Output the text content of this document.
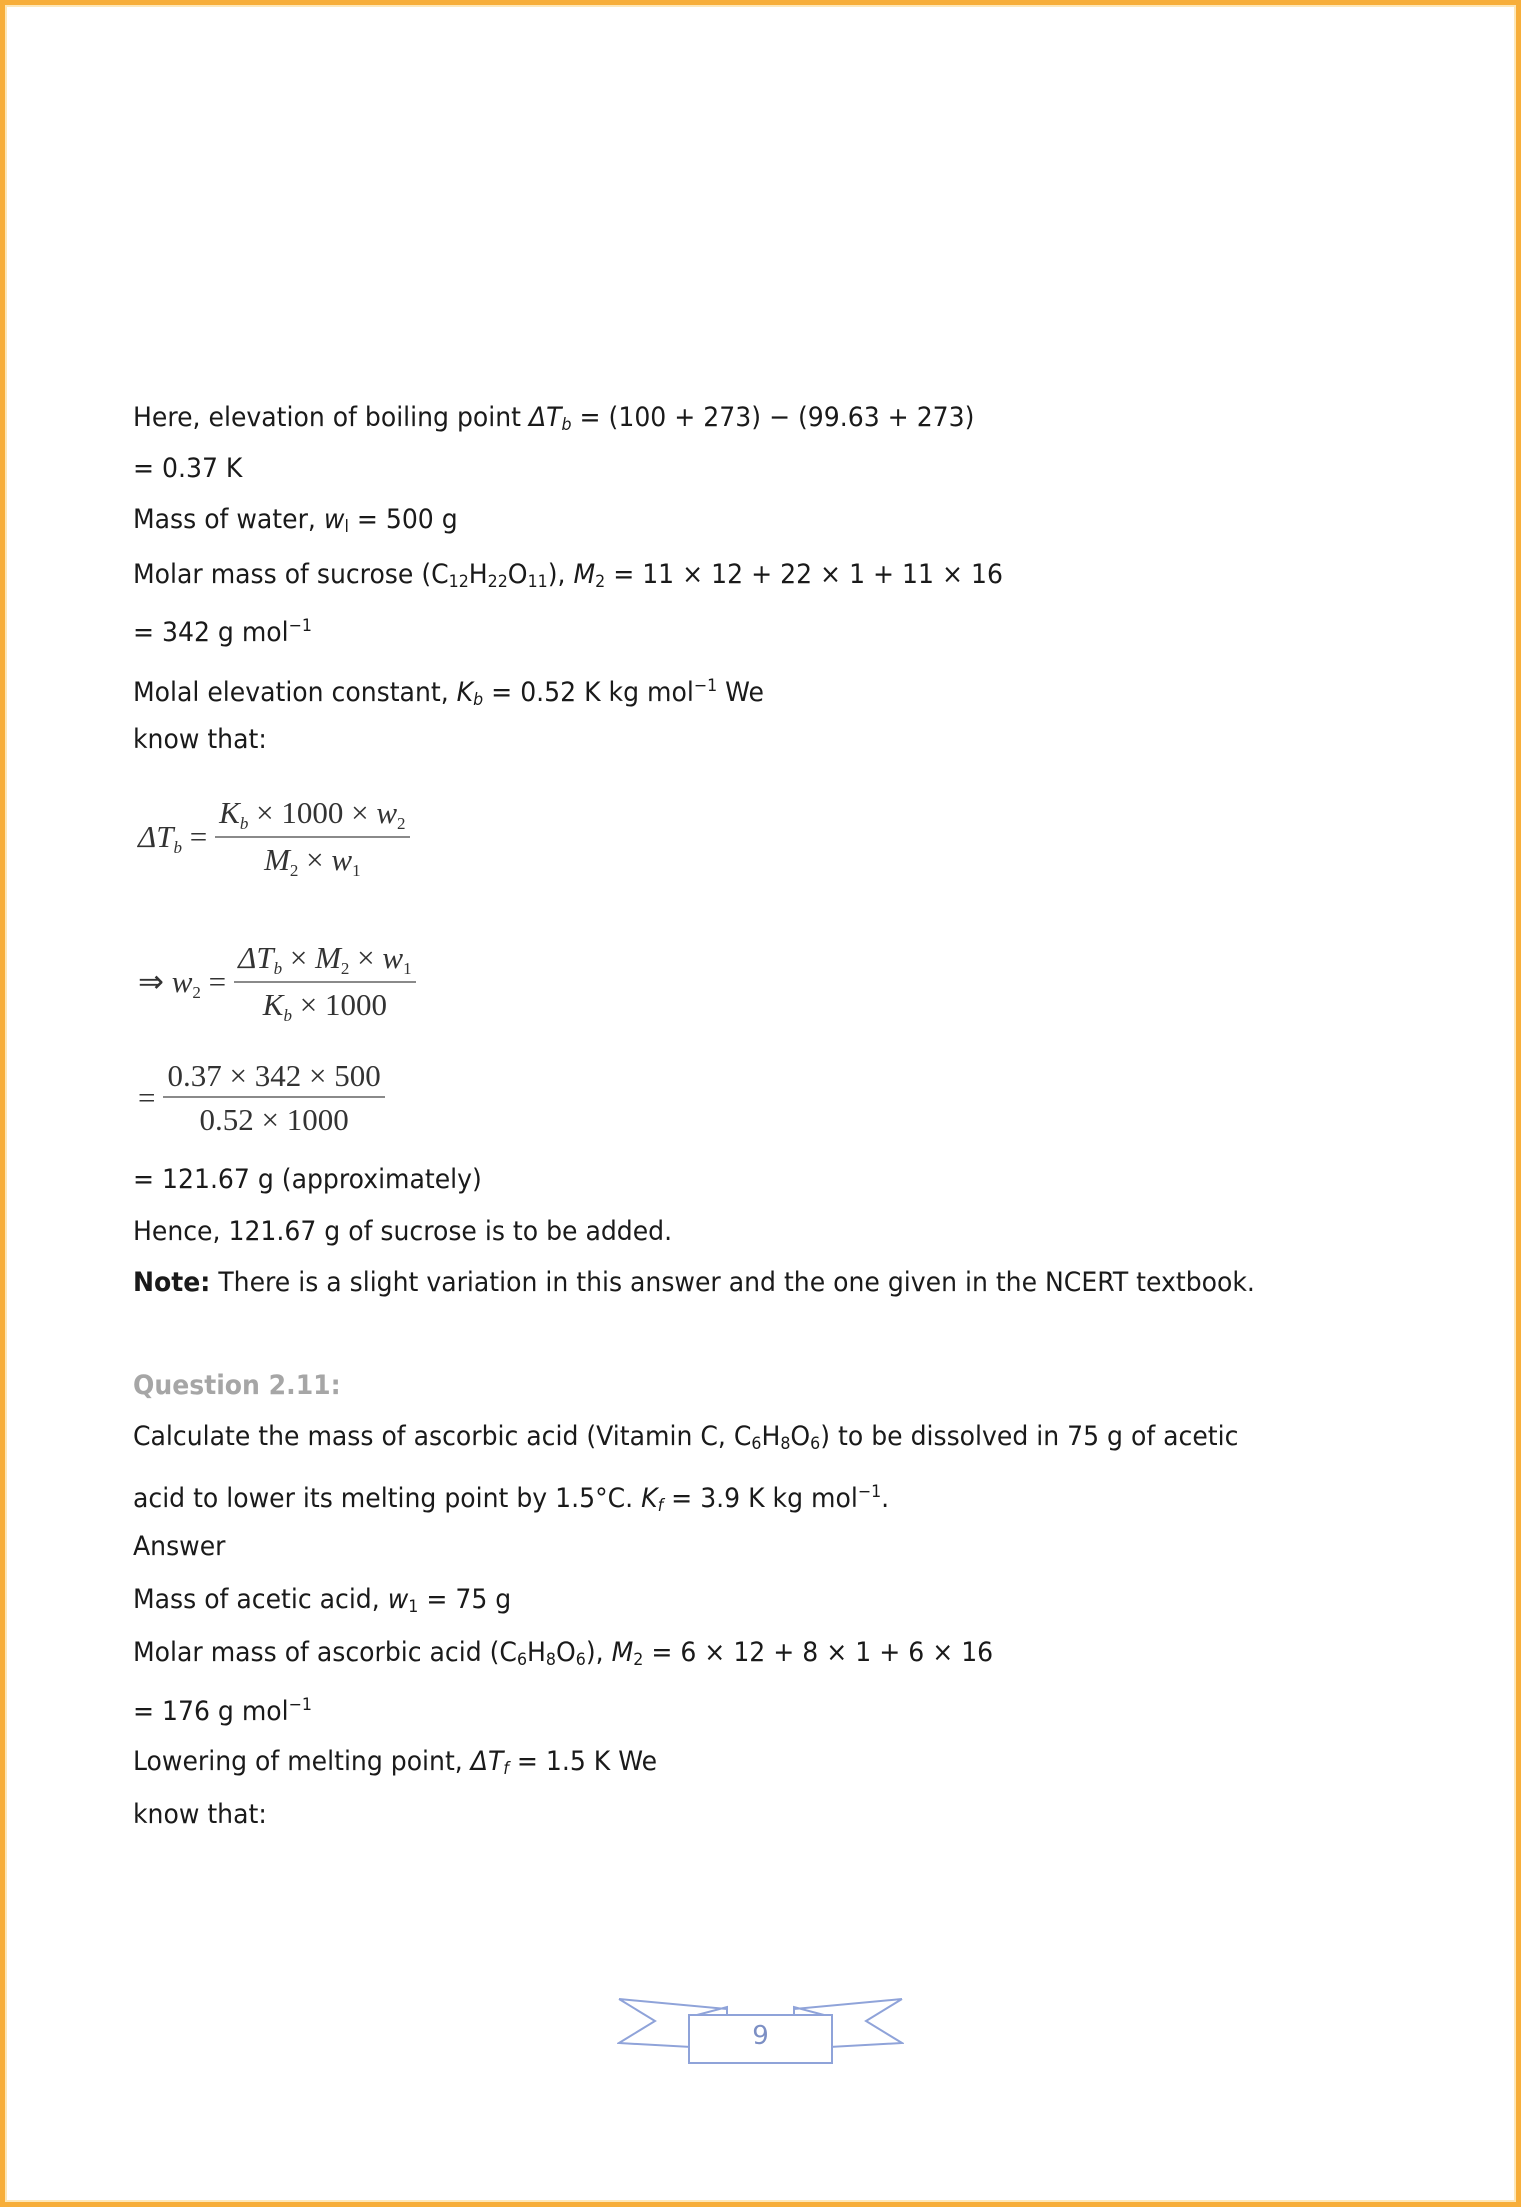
Here, elevation of boiling point $\Delta T_b = (100 + 273) - (99.63 + 273)$
= 0.37 K
Mass of water, $w_l = 500$ g
Molar mass of sucrose $(C_{12}H_{22}O_{11})$, $M_2 = 11 \times 12 + 22 \times 1 + 11 \times 16$
= 342 g mol$^{-1}$
Molal elevation constant, $K_b = 0.52$ K kg mol$^{-1}$ We
know that:
$\Delta Tb = \frac{Kb \times 1000 \times w2}{M2 \times w1}$
⇒ $w2 = \frac{\text{ΔTb × M2 × w1}}{Kb \times 1000}$
= $\frac{0.37 \times 342 \times 500}{0.52 \times 1000}$
= 121.67 g (approximately)
Hence, 121.67 g of sucrose is to be added.
Note: There is a slight variation in this answer and the one given in the NCERT textbook.
Question 2.11:
Calculate the mass of ascorbic acid (Vitamin C, $C_6H_8O_6$) to be dissolved in 75 g of acetic
acid to lower its melting point by 1.5°C. $K_f = 3.9$ K kg mol$^{-1}$.
Answer
Mass of acetic acid, $w_1 = 75$ g
Molar mass of ascorbic acid $(C_6H_8O_6)$, $M_2 = 6 \times 12 + 8 \times 1 + 6 \times 16$
= 176 g mol$^{-1}$
Lowering of melting point, $\Delta T_f = 1.5$ K We
know that:
9
